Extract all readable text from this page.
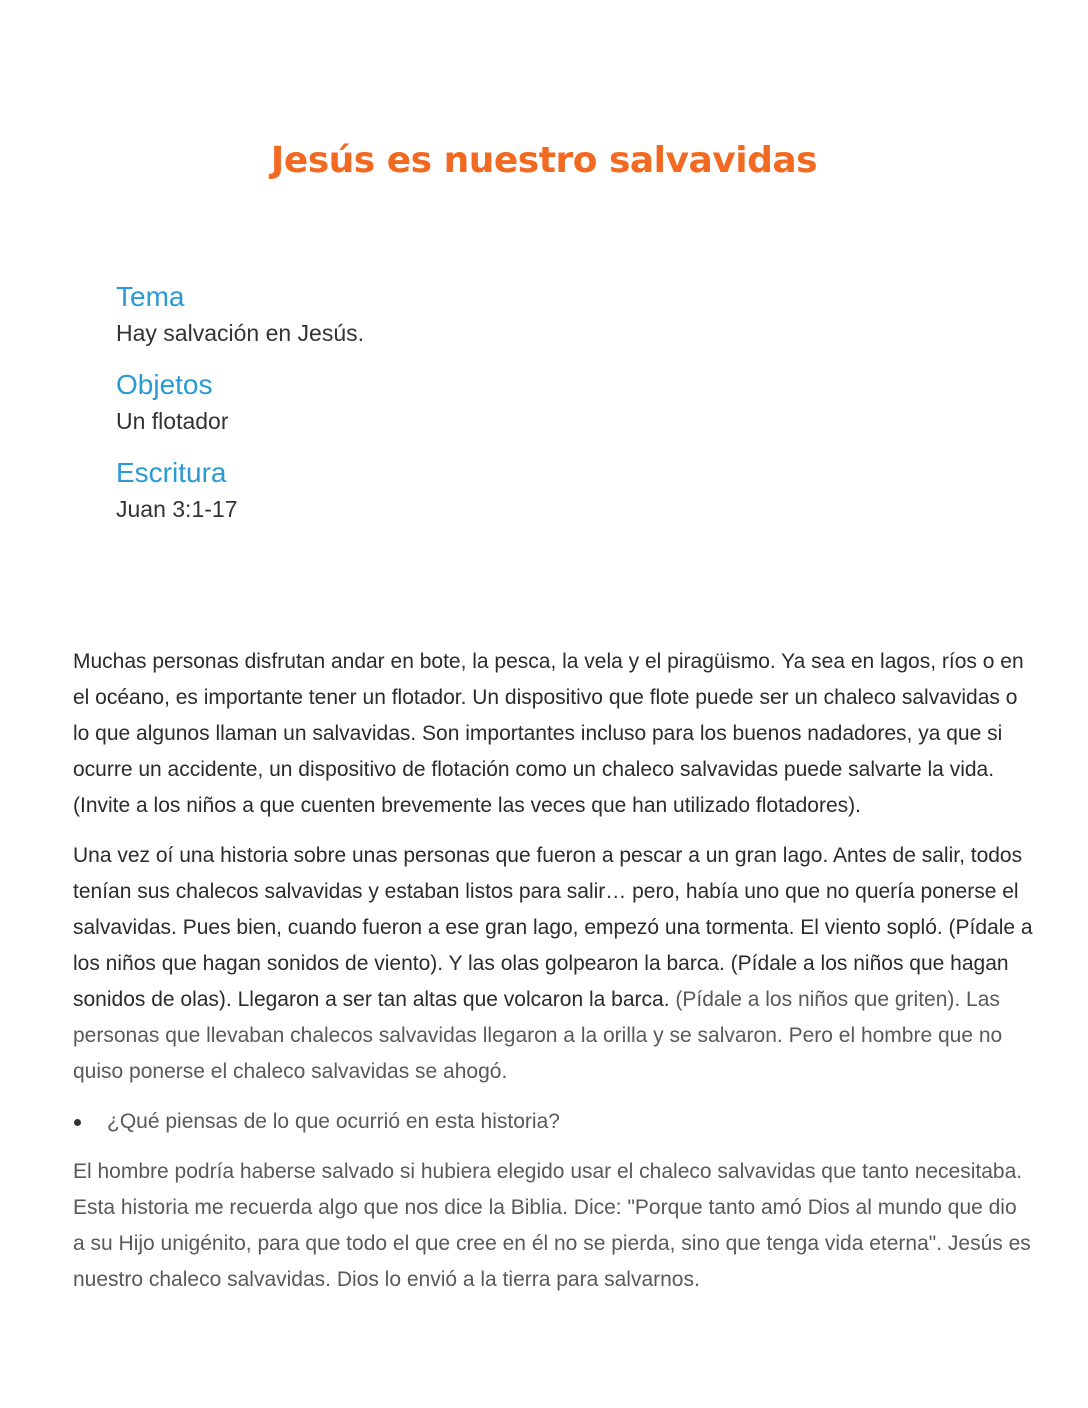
Jesús es nuestro salvavidas
Tema

Hay salvación en Jesús.

Objetos

Un flotador

Escritura

Juan 3:1-17

Muchas personas disfrutan andar en bote, la pesca, la vela y el piragüismo. Ya sea en lagos, ríos o en el océano, es importante tener un flotador. Un dispositivo que flote puede ser un chaleco salvavidas o lo que algunos llaman un salvavidas. Son importantes incluso para los buenos nadadores, ya que si ocurre un accidente, un dispositivo de flotación como un chaleco salvavidas puede salvarte la vida. (Invite a los niños a que cuenten brevemente las veces que han utilizado flotadores).

Una vez oí una historia sobre unas personas que fueron a pescar a un gran lago. Antes de salir, todos tenían sus chalecos salvavidas y estaban listos para salir… pero, había uno que no quería ponerse el salvavidas. Pues bien, cuando fueron a ese gran lago, empezó una tormenta. El viento sopló. (Pídale a los niños que hagan sonidos de viento). Y las olas golpearon la barca. (Pídale a los niños que hagan sonidos de olas). Llegaron a ser tan altas que volcaron la barca. (Pídale a los niños que griten). Las personas que llevaban chalecos salvavidas llegaron a la orilla y se salvaron. Pero el hombre que no quiso ponerse el chaleco salvavidas se ahogó.

¿Qué piensas de lo que ocurrió en esta historia?

El hombre podría haberse salvado si hubiera elegido usar el chaleco salvavidas que tanto necesitaba. Esta historia me recuerda algo que nos dice la Biblia. Dice: "Porque tanto amó Dios al mundo que dio a su Hijo unigénito, para que todo el que cree en él no se pierda, sino que tenga vida eterna". Jesús es nuestro chaleco salvavidas. Dios lo envió a la tierra para salvarnos.
